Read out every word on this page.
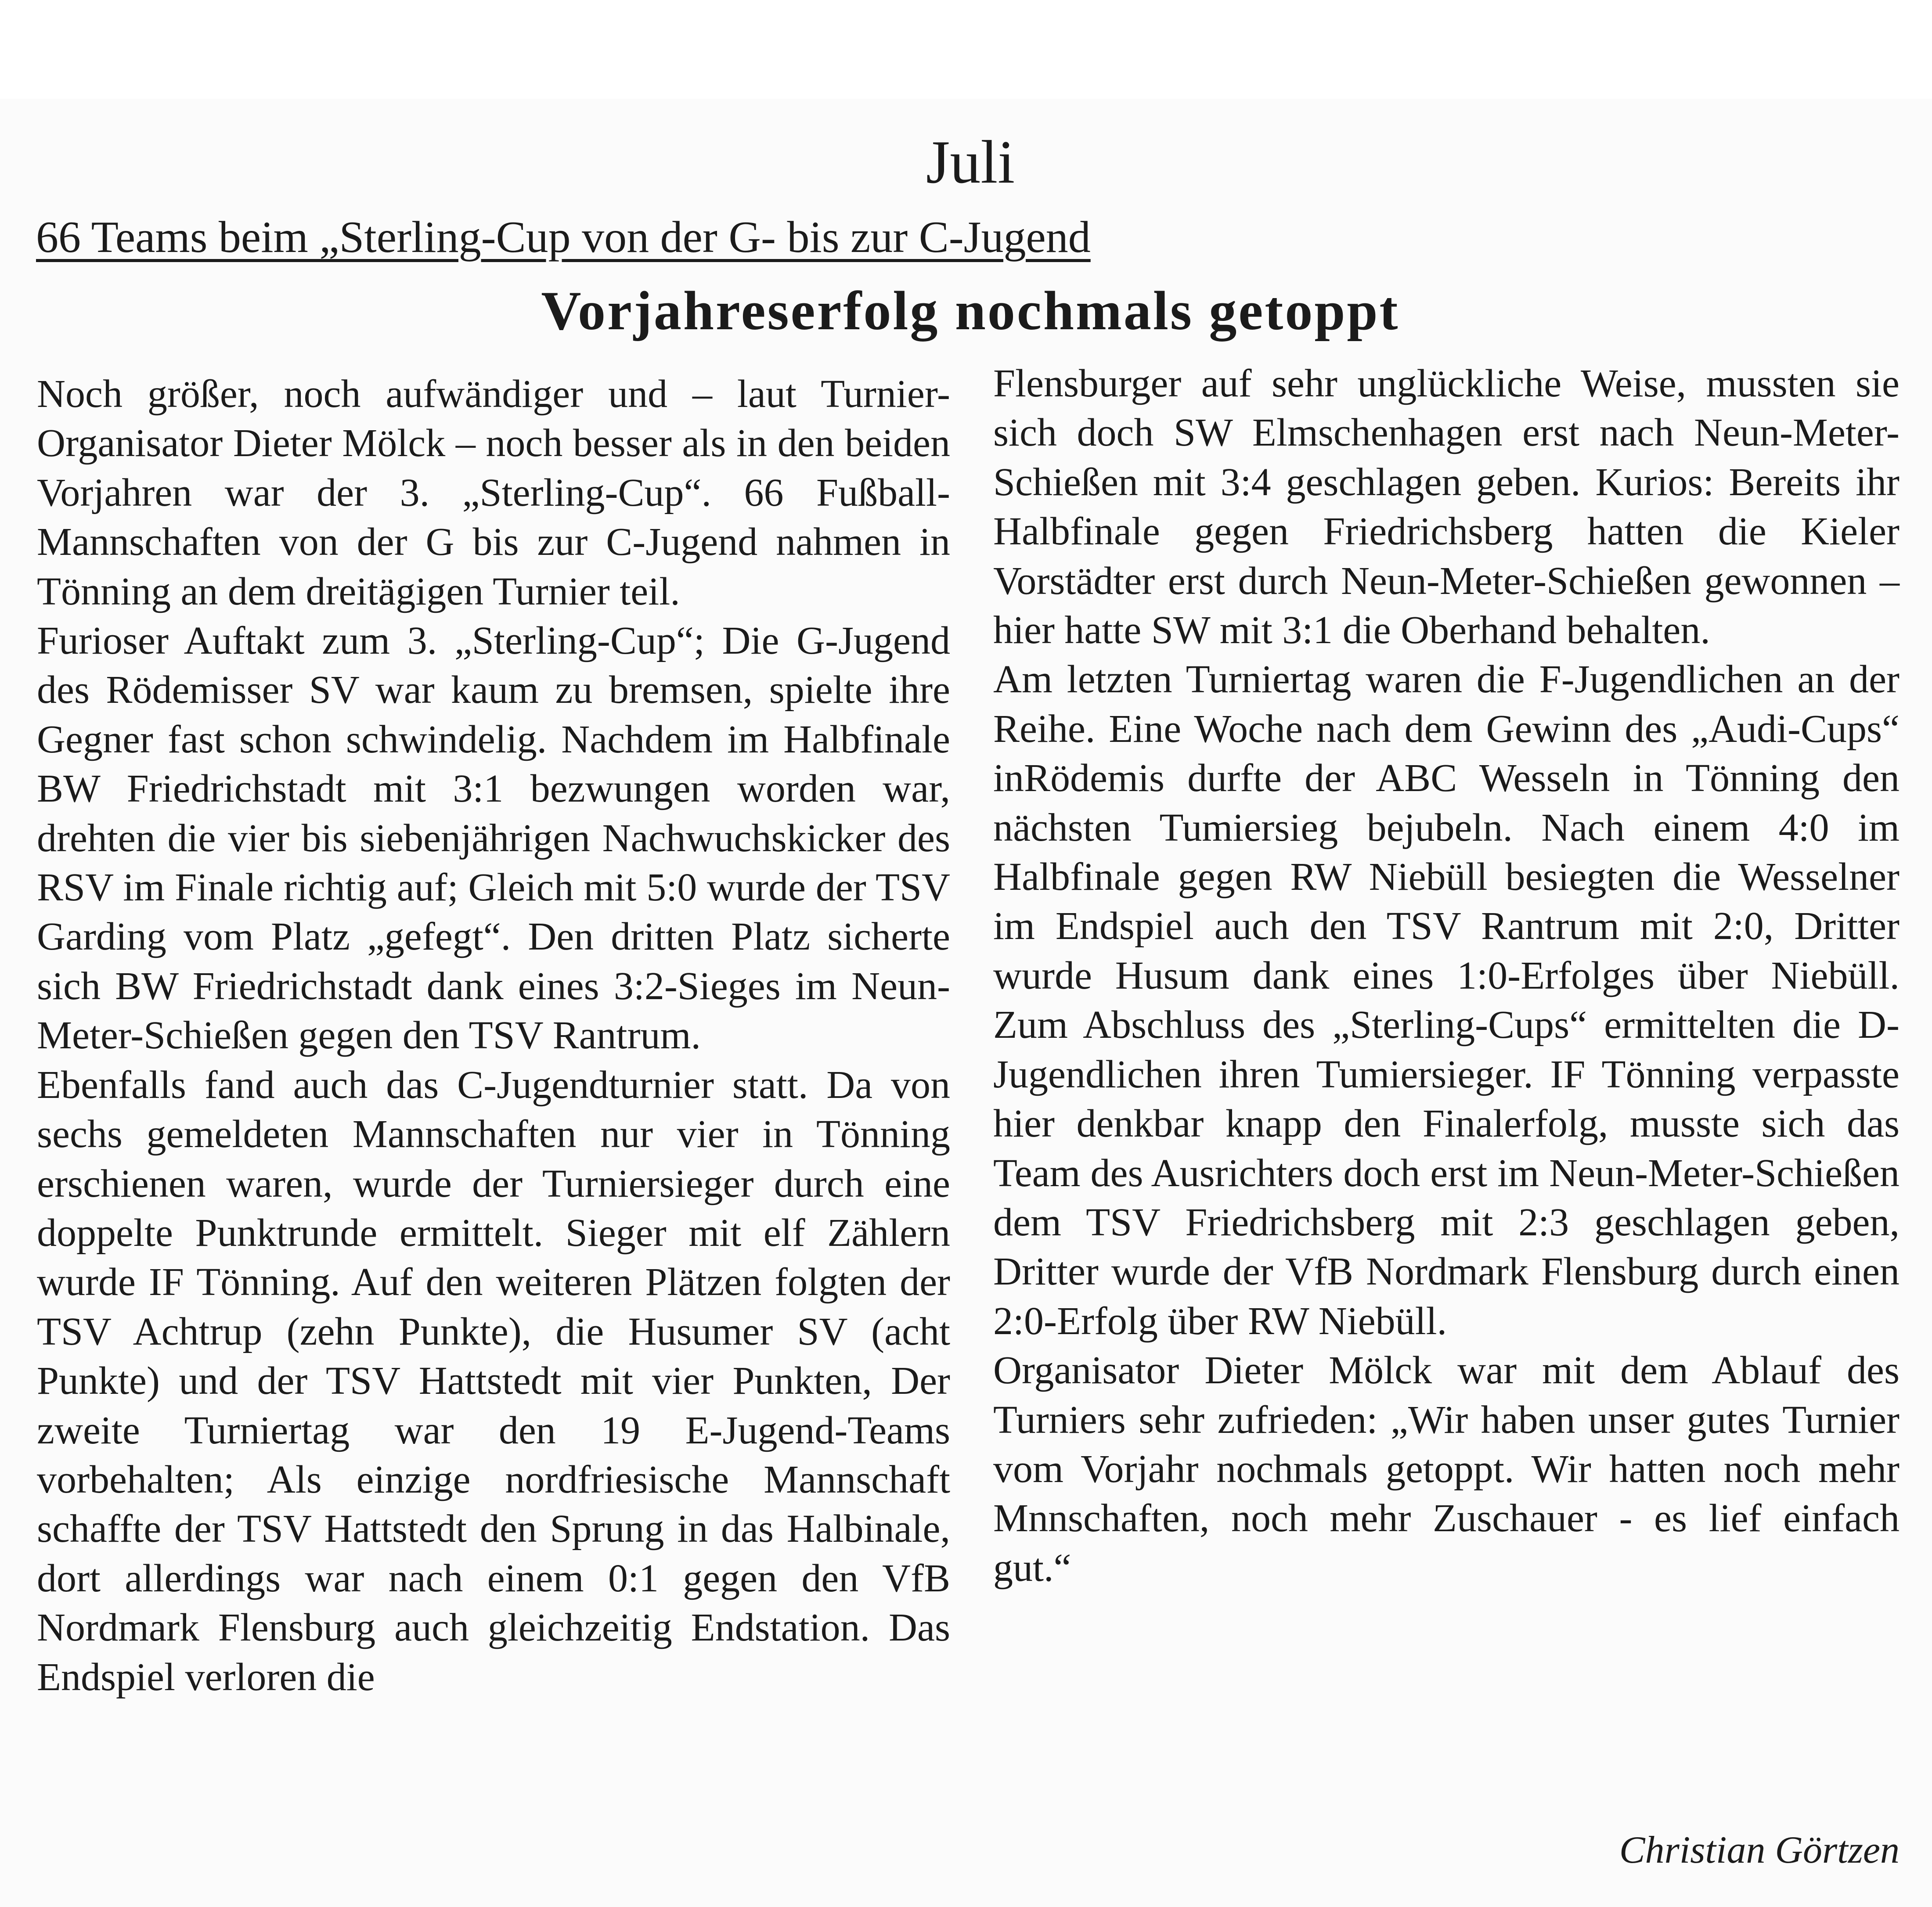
Juli
66 Teams beim „Sterling-Cup von der G- bis zur C-Jugend
Vorjahreserfolg nochmals getoppt

Noch größer, noch aufwändiger und – laut Turnier-Organisator Dieter Mölck – noch besser als in den beiden Vorjahren war der 3. „Sterling-Cup“. 66 Fußball-Mannschaften von der G bis zur C-Jugend nahmen in Tönning an dem dreitägigen Turnier teil.

Furioser Auftakt zum 3. „Sterling-Cup“; Die G-Jugend des Rödemisser SV war kaum zu bremsen, spielte ihre Gegner fast schon schwindelig. Nachdem im Halbfinale BW Friedrichstadt mit 3:1 bezwungen worden war, drehten die vier bis siebenjährigen Nachwuchskicker des RSV im Finale richtig auf; Gleich mit 5:0 wurde der TSV Garding vom Platz „gefegt“. Den dritten Platz sicherte sich BW Friedrichstadt dank eines 3:2-Sieges im Neun-Meter-Schießen gegen den TSV Rantrum.

Ebenfalls fand auch das C-Jugendturnier statt. Da von sechs gemeldeten Mannschaften nur vier in Tönning erschienen waren, wurde der Turniersieger durch eine doppelte Punktrunde ermittelt. Sieger mit elf Zählern wurde IF Tönning. Auf den weiteren Plätzen folgten der TSV Achtrup (zehn Punkte), die Husumer SV (acht Punkte) und der TSV Hattstedt mit vier Punkten, Der zweite Turniertag war den 19 E-Jugend-Teams vorbehalten; Als einzige nordfriesische Mannschaft schaffte der TSV Hattstedt den Sprung in das Halbinale, dort allerdings war nach einem 0:1 gegen den VfB Nordmark Flensburg auch gleichzeitig Endstation. Das Endspiel verloren die

Flensburger auf sehr unglückliche Weise, mussten sie sich doch SW Elmschenhagen erst nach Neun-Meter-Schießen mit 3:4 geschlagen geben. Kurios: Bereits ihr Halbfinale gegen Friedrichsberg hatten die Kieler Vorstädter erst durch Neun-Meter-Schießen gewonnen – hier hatte SW mit 3:1 die Oberhand behalten.

Am letzten Turniertag waren die F-Jugendlichen an der Reihe. Eine Woche nach dem Gewinn des „Audi-Cups“ inRödemis durfte der ABC Wesseln in Tönning den nächsten Tumiersieg bejubeln. Nach einem 4:0 im Halbfinale gegen RW Niebüll besiegten die Wesselner im Endspiel auch den TSV Rantrum mit 2:0, Dritter wurde Husum dank eines 1:0-Erfolges über Niebüll. Zum Abschluss des „Sterling-Cups“ ermittelten die D-Jugendlichen ihren Tumiersieger. IF Tönning verpasste hier denkbar knapp den Finalerfolg, musste sich das Team des Ausrichters doch erst im Neun-Meter-Schießen dem TSV Friedrichsberg mit 2:3 geschlagen geben, Dritter wurde der VfB Nordmark Flensburg durch einen 2:0-Erfolg über RW Niebüll.

Organisator Dieter Mölck war mit dem Ablauf des Turniers sehr zufrieden: „Wir haben unser gutes Turnier vom Vorjahr nochmals getoppt. Wir hatten noch mehr Mnnschaften, noch mehr Zuschauer - es lief einfach gut.“

Christian Görtzen
